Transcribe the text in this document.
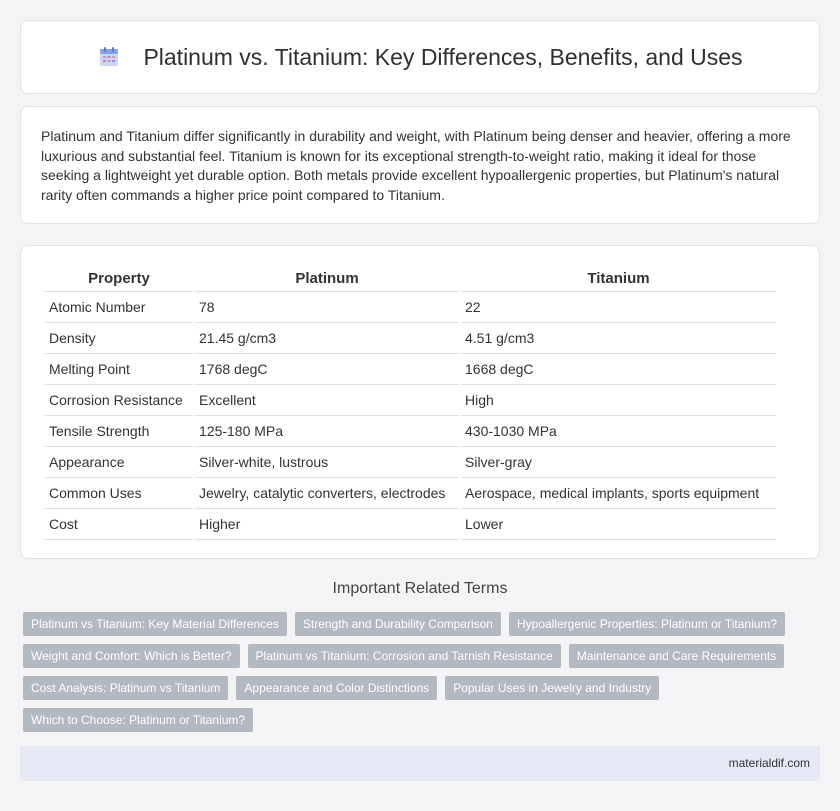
Platinum vs. Titanium: Key Differences, Benefits, and Uses

Platinum and Titanium differ significantly in durability and weight, with Platinum being denser and heavier, offering a more luxurious and substantial feel. Titanium is known for its exceptional strength-to-weight ratio, making it ideal for those seeking a lightweight yet durable option. Both metals provide excellent hypoallergenic properties, but Platinum's natural rarity often commands a higher price point compared to Titanium.

Property	Platinum	Titanium
Atomic Number	78	22
Density	21.45 g/cm3	4.51 g/cm3
Melting Point	1768 degC	1668 degC
Corrosion Resistance	Excellent	High
Tensile Strength	125-180 MPa	430-1030 MPa
Appearance	Silver-white, lustrous	Silver-gray
Common Uses	Jewelry, catalytic converters, electrodes	Aerospace, medical implants, sports equipment
Cost	Higher	Lower
Important Related Terms
Platinum vs Titanium: Key Material Differences	Strength and Durability Comparison	Hypoallergenic Properties: Platinum or Titanium?
Weight and Comfort: Which is Better?	Platinum vs Titanium: Corrosion and Tarnish Resistance	Maintenance and Care Requirements
Cost Analysis: Platinum vs Titanium	Appearance and Color Distinctions	Popular Uses in Jewelry and Industry
Which to Choose: Platinum or Titanium?
materialdif.com
